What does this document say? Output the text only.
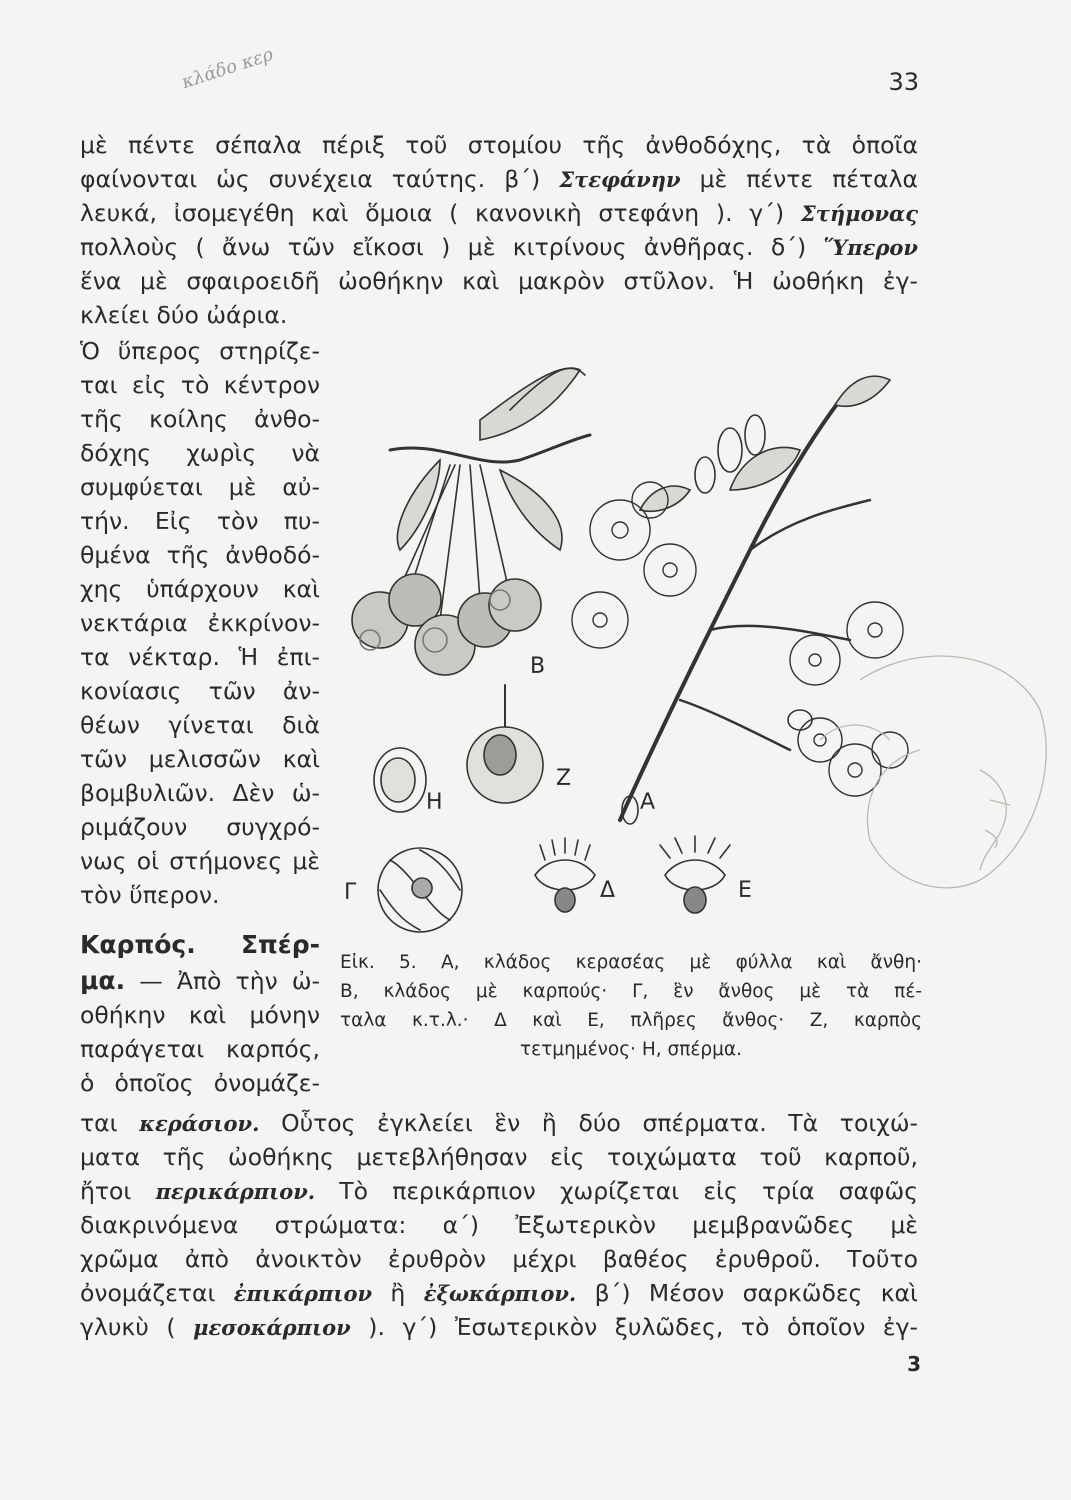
33
κλάδο κερ
μὲ πέντε σέπαλα πέριξ τοῦ στομίου τῆς ἀνθοδόχης, τὰ ὁποῖα
φαίνονται ὡς συνέχεια ταύτης. β΄) Στεφάνην μὲ πέντε πέταλα
λευκά, ἰσομεγέθη καὶ ὅμοια ( κανονικὴ στεφάνη ). γ΄) Στήμονας
πολλοὺς ( ἄνω τῶν εἴκοσι ) μὲ κιτρίνους ἀνθῆρας. δ΄) Ὕπερον
ἕνα μὲ σφαιροειδῆ ὠοθήκην καὶ μακρὸν στῦλον. Ἡ ὠοθήκη ἐγ-
κλείει δύο ὠάρια.
Ὁ ὕπερος στηρίζε-
ται εἰς τὸ κέντρον
τῆς κοίλης ἀνθο-
δόχης χωρὶς νὰ
συμφύεται μὲ αὐ-
τήν. Εἰς τὸν πυ-
θμένα τῆς ἀνθοδό-
χης ὑπάρχουν καὶ
νεκτάρια ἐκκρίνον-
τα νέκταρ. Ἡ ἐπι-
κονίασις τῶν ἀν-
θέων γίνεται διὰ
τῶν μελισσῶν καὶ
βομβυλιῶν. Δὲν ὡ-
ριμάζουν συγχρό-
νως οἱ στήμονες μὲ
τὸν ὕπερον.
Καρπός. Σπέρ-
μα. — Ἀπὸ τὴν ὠ-
οθήκην καὶ μόνην
παράγεται καρπός,
ὁ ὁποῖος ὀνομάζε-
Εἰκ. 5. Α, κλάδος κερασέας μὲ φύλλα καὶ ἄνθη·
Β, κλάδος μὲ καρπούς· Γ, ἓν ἄνθος μὲ τὰ πέ-
ταλα κ.τ.λ.· Δ καὶ Ε, πλῆρες ἄνθος· Ζ, καρπὸς
τετμημένος· Η, σπέρμα.
ται κεράσιον. Οὗτος ἐγκλείει ἓν ἢ δύο σπέρματα. Τὰ τοιχώ-
ματα τῆς ὠοθήκης μετεβλήθησαν εἰς τοιχώματα τοῦ καρποῦ,
ἤτοι περικάρπιον. Τὸ περικάρπιον χωρίζεται εἰς τρία σαφῶς
διακρινόμενα στρώματα: α΄) Ἐξωτερικὸν μεμβρανῶδες μὲ
χρῶμα ἀπὸ ἀνοικτὸν ἐρυθρὸν μέχρι βαθέος ἐρυθροῦ. Τοῦτο
ὀνομάζεται ἐπικάρπιον ἢ ἐξωκάρπιον. β΄) Μέσον σαρκῶδες καὶ
γλυκὺ ( μεσοκάρπιον ). γ΄) Ἐσωτερικὸν ξυλῶδες, τὸ ὁποῖον ἐγ-
3
Β
Η
Ζ
Α
Γ	Δ	Ε
